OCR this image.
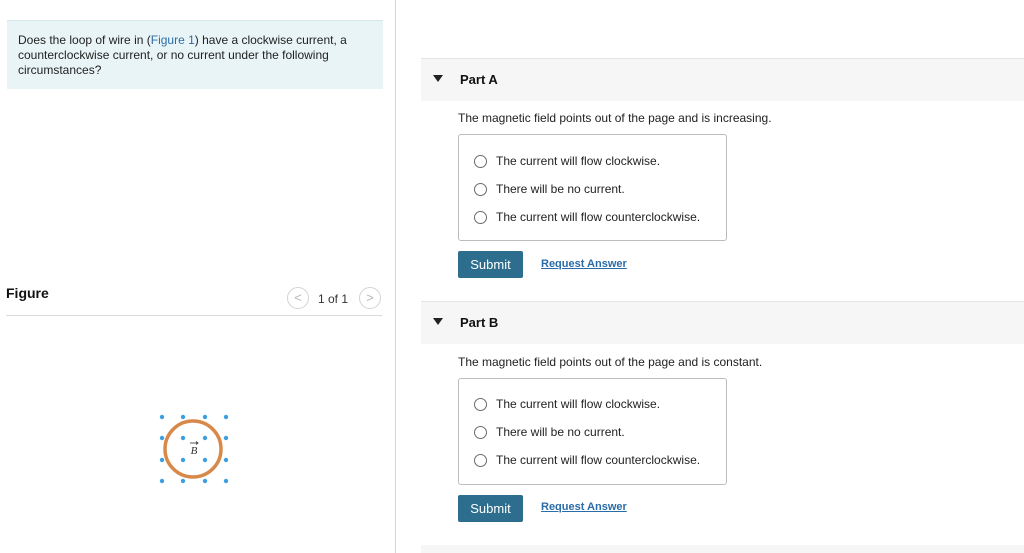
Does the loop of wire in (Figure 1) have a clockwise current, a counterclockwise current, or no current under the following circumstances?
Figure	<	1 of 1	>
B
Part A
The magnetic field points out of the page and is increasing.
The current will flow clockwise.
There will be no current.
The current will flow counterclockwise.
Submit	Request Answer
Part B
The magnetic field points out of the page and is constant.
The current will flow clockwise.
There will be no current.
The current will flow counterclockwise.
Submit	Request Answer
